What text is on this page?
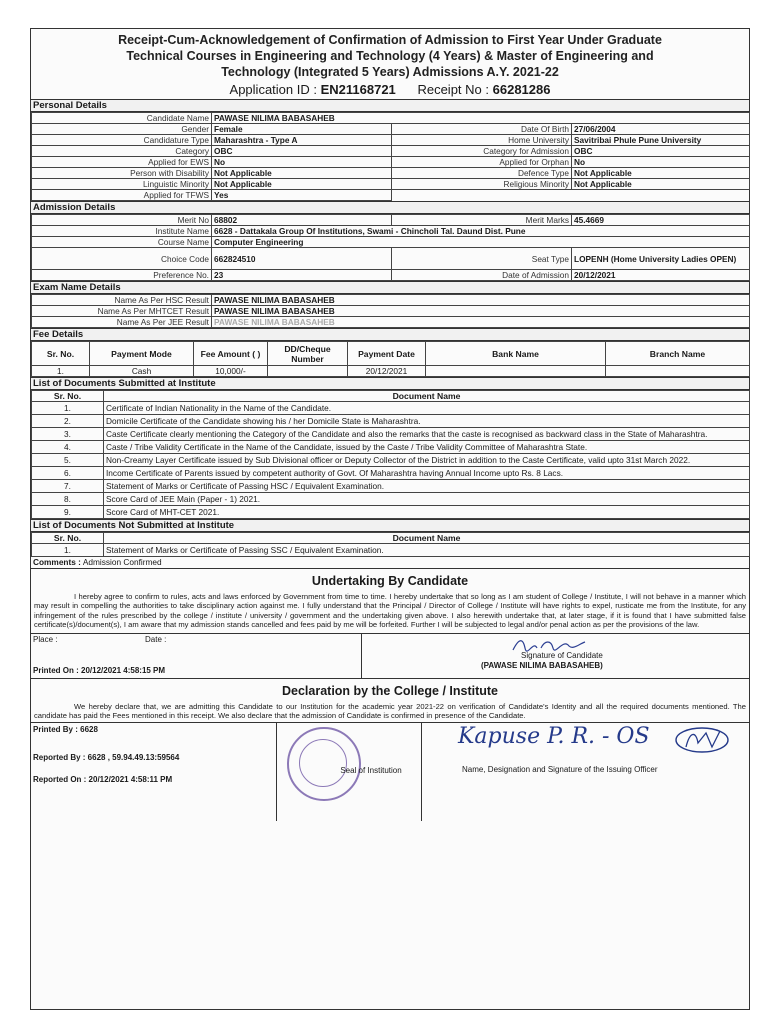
Receipt-Cum-Acknowledgement of Confirmation of Admission to First Year Under Graduate
Technical Courses in Engineering and Technology (4 Years) & Master of Engineering and
Technology (Integrated 5 Years) Admissions A.Y. 2021-22
Application ID : EN21168721 Receipt No : 66281286
Personal Details
Candidate Name	PAWASE NILIMA BABASAHEB		
Gender	Female	Date Of Birth	27/06/2004
Candidature Type	Maharashtra - Type A	Home University	Savitribai Phule Pune University
Category	OBC	Category for Admission	OBC
Applied for EWS	No	Applied for Orphan	No
Person with Disability	Not Applicable	Defence Type	Not Applicable
Linguistic Minority	Not Applicable	Religious Minority	Not Applicable
Applied for TFWS	Yes		
Admission Details
Merit No	68802	Merit Marks	45.4669
Institute Name	6628 - Dattakala Group Of Institutions, Swami - Chincholi Tal. Daund Dist. Pune		
Course Name	Computer Engineering		
Choice Code	662824510	Seat Type	LOPENH (Home University Ladies OPEN)
Preference No.	23	Date of Admission	20/12/2021
Exam Name Details
Name As Per HSC Result	PAWASE NILIMA BABASAHEB
Name As Per MHTCET Result	PAWASE NILIMA BABASAHEB
Name As Per JEE Result	PAWASE NILIMA BABASAHEB
Fee Details
Sr. No.	Payment Mode	Fee Amount ( )	DD/Cheque Number	Payment Date	Bank Name	Branch Name
1.	Cash	10,000/-		20/12/2021		
List of Documents Submitted at Institute
Sr. No.	Document Name
1.	Certificate of Indian Nationality in the Name of the Candidate.
2.	Domicile Certificate of the Candidate showing his / her Domicile State is Maharashtra.
3.	Caste Certificate clearly mentioning the Category of the Candidate and also the remarks that the caste is recognised as backward class in the State of Maharashtra.
4.	Caste / Tribe Validity Certificate in the Name of the Candidate, issued by the Caste / Tribe Validity Committee of Maharashtra State.
5.	Non-Creamy Layer Certificate issued by Sub Divisional officer or Deputy Collector of the District in addition to the Caste Certificate, valid upto 31st March 2022.
6.	Income Certificate of Parents issued by competent authority of Govt. Of Maharashtra having Annual Income upto Rs. 8 Lacs.
7.	Statement of Marks or Certificate of Passing HSC / Equivalent Examination.
8.	Score Card of JEE Main (Paper - 1) 2021.
9.	Score Card of MHT-CET 2021.
List of Documents Not Submitted at Institute
Sr. No.	Document Name
1.	Statement of Marks or Certificate of Passing SSC / Equivalent Examination.
Comments : Admission Confirmed
Undertaking By Candidate
I hereby agree to confirm to rules, acts and laws enforced by Government from time to time. I hereby undertake that so long as I am student of College / Institute, I will not behave in a manner which may result in compelling the authorities to take disciplinary action against me. I fully understand that the Principal / Director of College / Institute will have rights to expel, rusticate me from the Institute, for any infringement of the rules prescribed by the college / institute / university / government and the undertaking given above. I also herewith undertake that, at later stage, if it is found that I have submitted false certificate(s)/document(s), I am aware that my admission stands cancelled and fees paid by me will be forfeited. Further I will be subjected to legal and/or penal action as per the provisions of the law.
Place :	Date :
Printed On : 20/12/2021 4:58:15 PM
Signature of Candidate
(PAWASE NILIMA BABASAHEB)
Declaration by the College / Institute
We hereby declare that, we are admitting this Candidate to our Institution for the academic year 2021-22 on verification of Candidate's Identity and all the required documents mentioned. The candidate has paid the Fees mentioned in this receipt. We also declare that the admission of Candidate is confirmed in presence of the Candidate.
Printed By : 6628
Reported By : 6628 , 59.94.49.13:59564
Reported On : 20/12/2021 4:58:11 PM
Seal of Institution
Kapuse P. R. - OS
Name, Designation and Signature of the Issuing Officer
